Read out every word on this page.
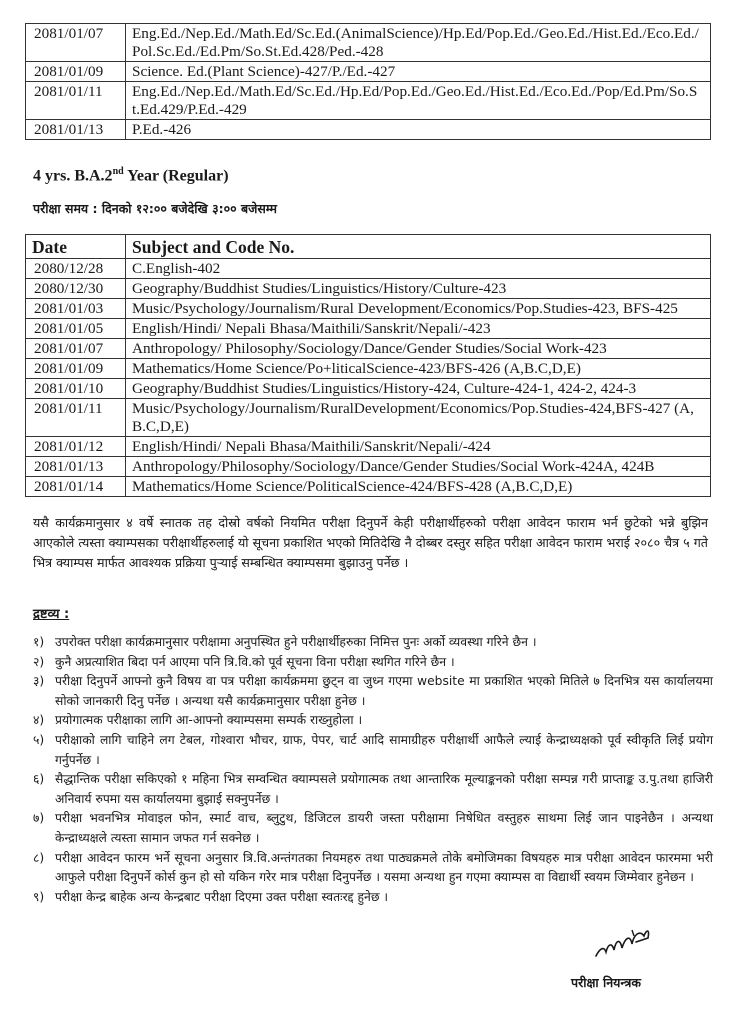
2081/01/07	Eng.Ed./Nep.Ed./Math.Ed/Sc.Ed.(AnimalScience)/Hp.Ed/Pop.Ed./Geo.Ed./Hist.Ed./Eco.Ed./Pol.Sc.Ed./Ed.Pm/So.St.Ed.428/Ped.-428
2081/01/09	Science. Ed.(Plant Science)-427/P./Ed.-427
2081/01/11	Eng.Ed./Nep.Ed./Math.Ed/Sc.Ed./Hp.Ed/Pop.Ed./Geo.Ed./Hist.Ed./Eco.Ed./Pop/Ed.Pm/So.St.Ed.429/P.Ed.-429
2081/01/13	P.Ed.-426
4 yrs. B.A.2nd Year (Regular)
परीक्षा समय : दिनको १२:०० बजेदेखि ३:०० बजेसम्म
Date	Subject and Code No.
2080/12/28	C.English-402
2080/12/30	Geography/Buddhist Studies/Linguistics/History/Culture-423
2081/01/03	Music/Psychology/Journalism/Rural Development/Economics/Pop.Studies-423, BFS-425
2081/01/05	English/Hindi/ Nepali Bhasa/Maithili/Sanskrit/Nepali/-423
2081/01/07	Anthropology/ Philosophy/Sociology/Dance/Gender Studies/Social Work-423
2081/01/09	Mathematics/Home Science/Po+liticalScience-423/BFS-426 (A,B.C,D,E)
2081/01/10	Geography/Buddhist Studies/Linguistics/History-424, Culture-424-1, 424-2, 424-3
2081/01/11	Music/Psychology/Journalism/RuralDevelopment/Economics/Pop.Studies-424,BFS-427 (A,B.C,D,E)
2081/01/12	English/Hindi/ Nepali Bhasa/Maithili/Sanskrit/Nepali/-424
2081/01/13	Anthropology/Philosophy/Sociology/Dance/Gender Studies/Social Work-424A, 424B
2081/01/14	Mathematics/Home Science/PoliticalScience-424/BFS-428 (A,B.C,D,E)
यसै कार्यक्रमानुसार ४ वर्षे स्नातक तह दोस्रो वर्षको नियमित परीक्षा दिनुपर्ने केही परीक्षार्थीहरुको परीक्षा आवेदन फाराम भर्न छुटेको भन्ने बुझिन आएकोले त्यस्ता क्याम्पसका परीक्षार्थीहरुलाई यो सूचना प्रकाशित भएको मितिदेखि नै दोब्बर दस्तुर सहित परीक्षा आवेदन फाराम भराई २०८० चैत्र ५ गते भित्र क्याम्पस मार्फत आवश्यक प्रक्रिया पुऱ्याई सम्बन्धित क्याम्पसमा बुझाउनु पर्नेछ ।
द्रष्टव्य :
१) उपरोक्त परीक्षा कार्यक्रमानुसार परीक्षामा अनुपस्थित हुने परीक्षार्थीहरुका निमित्त पुनः अर्को व्यवस्था गरिने छैन ।
२) कुनै अप्रत्याशित बिदा पर्न आएमा पनि त्रि.वि.को पूर्व सूचना विना परीक्षा स्थगित गरिने छैन ।
३) परीक्षा दिनुपर्ने आफ्नो कुनै विषय वा पत्र परीक्षा कार्यक्रममा छुट्न वा जुध्न गएमा website मा प्रकाशित भएको मितिले ७ दिनभित्र यस कार्यालयमा सोको जानकारी दिनु पर्नेछ । अन्यथा यसै कार्यक्रमानुसार परीक्षा हुनेछ ।
४) प्रयोगात्मक परीक्षाका लागि आ-आफ्नो क्याम्पसमा सम्पर्क राख्नुहोला ।
५) परीक्षाको लागि चाहिने लग टेबल, गोश्वारा भौचर, ग्राफ, पेपर, चार्ट आदि सामाग्रीहरु परीक्षार्थी आफैले ल्याई केन्द्राध्यक्षको पूर्व स्वीकृति लिई प्रयोग गर्नुपर्नेछ ।
६) सैद्धान्तिक परीक्षा सकिएको १ महिना भित्र सम्वन्धित क्याम्पसले प्रयोगात्मक तथा आन्तारिक मूल्याङ्कनको परीक्षा सम्पन्न गरी प्राप्ताङ्क उ.पु.तथा हाजिरी अनिवार्य रुपमा यस कार्यालयमा बुझाई सक्नुपर्नेछ ।
७) परीक्षा भवनभित्र मोवाइल फोन, स्मार्ट वाच, ब्लुटुथ, डिजिटल डायरी जस्ता परीक्षामा निषेधित वस्तुहरु साथमा लिई जान पाइनेछैन । अन्यथा केन्द्राध्यक्षले त्यस्ता सामान जफत गर्न सक्नेछ ।
८) परीक्षा आवेदन फारम भर्ने सूचना अनुसार त्रि.वि.अन्तंगतका नियमहरु तथा पाठ्यक्रमले तोके बमोजिमका विषयहरु मात्र परीक्षा आवेदन फारममा भरी आफुले परीक्षा दिनुपर्ने कोर्स कुन हो सो यकिन गरेर मात्र परीक्षा दिनुपर्नेछ । यसमा अन्यथा हुन गएमा क्याम्पस वा विद्यार्थी स्वयम जिम्मेवार हुनेछन ।
९) परीक्षा केन्द्र बाहेक अन्य केन्द्रबाट परीक्षा दिएमा उक्त परीक्षा स्वतःरद्द हुनेछ ।
परीक्षा नियन्त्रक
